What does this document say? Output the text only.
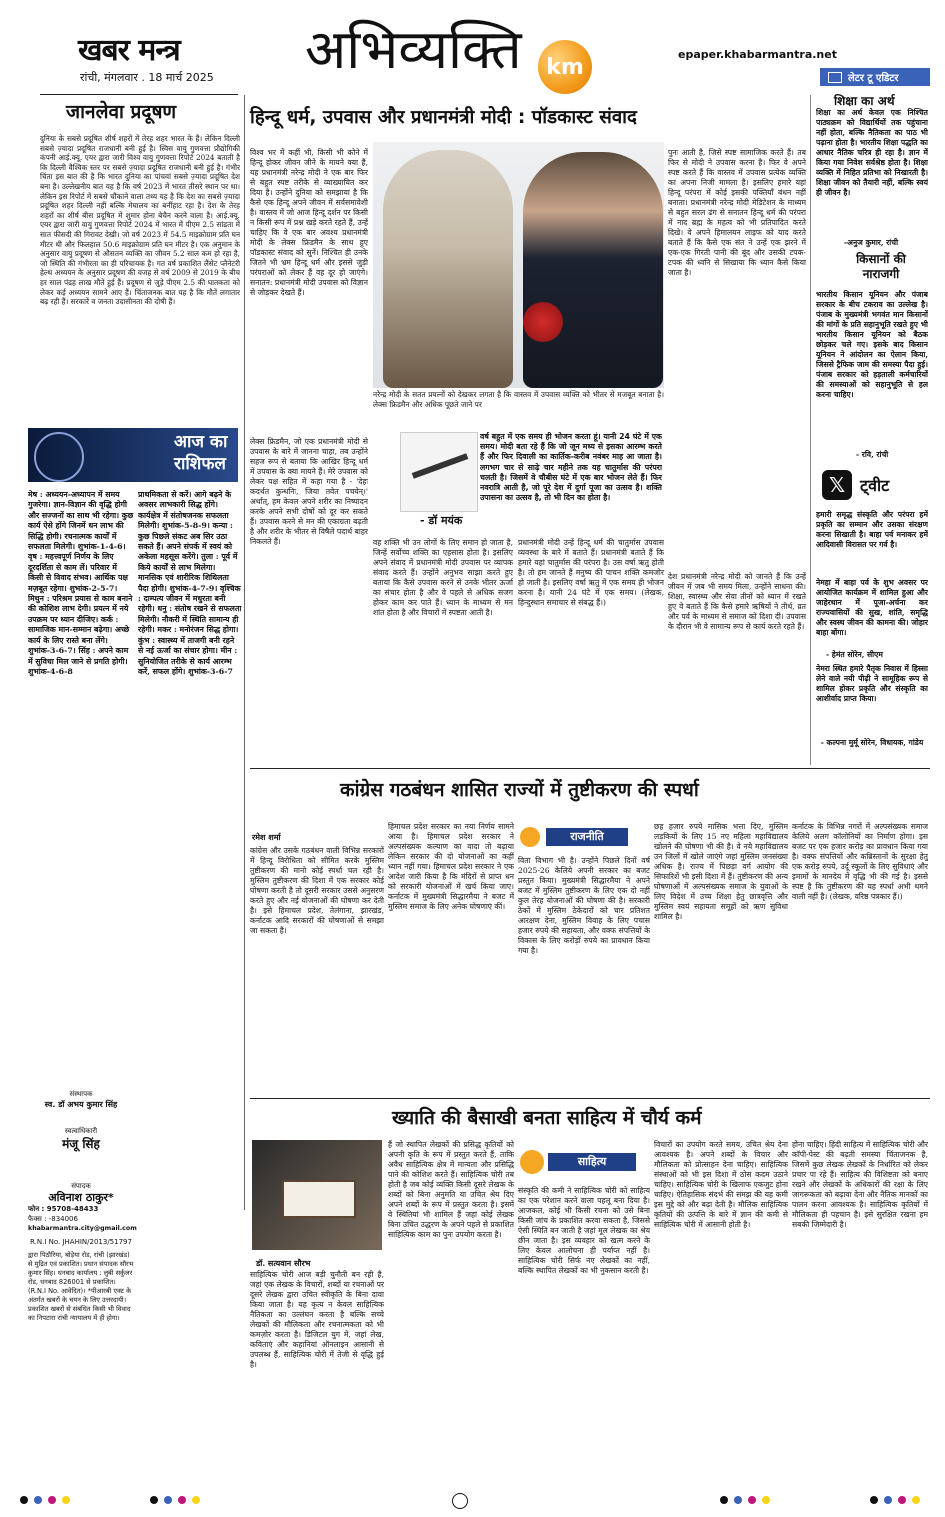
खबर मन्त्र
रांची, मंगलवार . 18 मार्च 2025 अभिव्यक्ति km	epaper.khabarmantra.net
लेटर टू एडिटर
जानलेवा प्रदूषण
दुनिया के सबसे प्रदूषित शीर्ष शहरों में तेरह शहर भारत के हैं। लेकिन दिल्ली सबसे ज़्यादा प्रदूषित राजधानी बनी हुई है। स्विस वायु गुणवत्ता प्रौद्योगिकी कंपनी आई.क्यू. एयर द्वारा जारी विश्व वायु गुणवत्ता रिपोर्ट 2024 बताती है कि दिल्ली वैश्विक स्तर पर सबसे ज़्यादा प्रदूषित राजधानी बनी हुई है। गंभीर चिंता इस बात की है कि भारत दुनिया का पांचवां सबसे ज़्यादा प्रदूषित देश बना है। उल्लेखनीय बात यह है कि वर्ष 2023 में भारत तीसरे स्थान पर था। लेकिन इस रिपोर्ट में सबसे चौंकाने वाला तथ्य यह है कि देश का सबसे ज़्यादा प्रदूषित शहर दिल्ली नहीं बल्कि मेघालय का बर्नीहाट रहा है। देश के तेरह शहरों का शीर्ष बीस प्रदूषित में शुमार होना बेचैन करने वाला है। आई.क्यू. एयर द्वारा जारी वायु गुणवत्ता रिपोर्ट 2024 में भारत में पीएम 2.5 सांद्रता में सात फीसदी की गिरावट देखी। जो वर्ष 2023 में 54.5 माइक्रोग्राम प्रति घन मीटर थी और फिलहाल 50.6 माइक्रोग्राम प्रति घन मीटर है। एक अनुमान के अनुसार वायु प्रदूषण से औसतन व्यक्ति का जीवन 5.2 साल कम हो रहा है, जो स्थिति की गंभीरता का ही परिचायक है। गत वर्ष प्रकाशित लैंसेट प्लैनेटरी हेल्थ अध्ययन के अनुसार प्रदूषण की वजह से वर्ष 2009 से 2019 के बीच हर साल पंद्रह लाख मौतें हुई हैं। प्रदूषण से जुड़े पीएम 2.5 की घातकता को लेकर कई अध्ययन सामने आए हैं। चिंताजनक बात यह है कि मौतें लगातार बढ़ रही हैं। सरकारें व जनता उदासीनता की दोषी हैं।
आज का राशिफल
मेष : अध्ययन-अध्यापन में समय गुजरेगा। ज्ञान-विज्ञान की वृद्धि होगी और सज्जनों का साथ भी रहेगा। कुछ कार्य ऐसे होंगे जिनमें धन लाभ की सिद्धि होगी। रचनात्मक कार्यों में सफलता मिलेगी। शुभांक-1-4-6। वृष : महत्त्वपूर्ण निर्णय के लिए दूरदर्शिता से काम लें। परिवार में किसी से विवाद संभव। आर्थिक पक्ष मज़बूत रहेगा। शुभांक-2-5-7। मिथुन : परिश्रम प्रयास से काम बनाने की कोशिश लाभ देगी। प्रयत्न में नये उपक्रम पर ध्यान दीजिए। कर्क : सामाजिक मान-सम्मान बढ़ेगा। अच्छे कार्य के लिए रास्ते बना लेंगे। शुभांक-3-6-7। सिंह : अपने काम में सुविधा मिल जाने से प्रगति होगी। शुभांक-4-6-8
प्राथमिकता से करें। आगे बढ़ने के अवसर लाभकारी सिद्ध होंगे। कार्यक्षेत्र में संतोषजनक सफलता मिलेगी। शुभांक-5-8-9। कन्या : कुछ पिछले संकट अब सिर उठा सकते हैं। अपने संपर्क में स्वयं को अकेला महसूस करेंगे। तुला : पूर्व में किये कार्यों से लाभ मिलेगा। मानसिक एवं शारीरिक शिथिलता पैदा होगी। शुभांक-4-7-9। वृश्चिक : दाम्पत्य जीवन में मधुरता बनी रहेगी। धनु : संतोष रखने से सफलता मिलेगी। नौकरी में स्थिति सामान्य ही रहेगी। मकर : मनोरंजन सिद्ध होगा। कुंभ : स्वास्थ्य में ताजगी बनी रहने से नई ऊर्जा का संचार होगा। मीन : सुनियोजित तरीके से कार्य आरम्भ करें, सफल होंगे। शुभांक-3-6-7
संस्थापक
स्व. डॉ अभय कुमार सिंह
स्वत्वाधिकारी
मंजू सिंह
संपादक
अविनाश ठाकुर*
फोन : 95708-48433
फैक्स : -834006
khabarmantra.city@gmail.com
R.N.I No. JHAHIN/2013/51797
द्वारा पिठौरिया, बोड़ेया रोड, रांची (झारखंड) से मुद्रित एवं प्रकाशित। प्रधान संपादक सौरभ कुमार सिंह। धनबाद कार्यालय : लुबी सर्कुलर रोड, धनबाद 826001 से प्रकाशित। (R.N.I No. आवेदित)। *पीआरबी एक्ट के अंतर्गत खबरों के चयन के लिए उत्तरदायी। प्रकाशित खबरों से संबंधित किसी भी विवाद का निपटारा रांची न्यायालय में ही होगा।
हिन्दू धर्म, उपवास और प्रधानमंत्री मोदी : पॉडकास्ट संवाद
विश्व भर में कहीं भी, किसी भी कोने में हिन्दू होकर जीवन जीने के मायने क्या हैं, यह प्रधानमंत्री नरेन्द्र मोदी ने एक बार फिर से बहुत स्पष्ट तरीके से व्याख्यायित कर दिया है। उन्होंने दुनिया को समझाया है कि कैसे एक हिन्दू अपने जीवन में सर्वसमावेशी है। वास्तव में जो आज हिन्दू दर्शन पर किसी न किसी रूप में प्रश्न खड़े करते रहते हैं, उन्हें चाहिए कि वे एक बार अवश्य प्रधानमंत्री मोदी के लेक्स फ्रिडमैन के साथ हुए पॉडकास्ट संवाद को सुनें। निश्चित ही उनके जितने भी भ्रम हिन्दू धर्म और इससे जुड़ी परंपराओं को लेकर हैं वह दूर हो जाएंगे। सनातन: प्रधानमंत्री मोदी उपवास को विज्ञान से जोड़कर देखते हैं।
लेक्स फ्रिडमैन, जो एक प्रधानमंत्री मोदी से उपवास के बारे में जानना चाहा, तब उन्होंने सहज रूप से बताया कि आखिर हिन्दू धर्म में उपवास के क्या मायने हैं। मेरे उपवास को लेकर पक्ष सहित में कहा गया है - 'देहः कदर्थत कुन्धनिः, जिया तवेत पचयेन्।' अर्थात्, हम केवल अपने शरीर का निष्पादन करके अपने सभी दोषों को दूर कर सकते हैं। उपवास करने से मन की एकाग्रता बढ़ती है और शरीर के भीतर से विषैले पदार्थ बाहर निकलते हैं।
नरेन्द्र मोदी के सतत प्रयत्नों को देखकर लगता है कि वास्तव में उपवास व्यक्ति को भीतर से मजबूत बनाता है। लेक्स फ्रिडमैन और अधिक पूछते जाने पर
- डॉ मयंक
वर्ष बहुत में एक समय ही भोजन करता हूं। यानी 24 घंटे में एक समय। मोदी बता रहे हैं कि जो जून मध्य से इसका आरम्भ करते हैं और फिर दिवाली का कार्तिक-करीब नवंबर माह आ जाता है। लगभग चार से साढ़े चार महीने तक यह चातुर्मास की परंपरा चलती है। जिसमें वे चौबीस घंटे में एक बार भोजन लेते हैं। फिर नवरात्रि आती है, जो पूरे देश में दुर्गा पूजा का उत्सव है। शक्ति उपासना का उत्सव है, तो भी दिन का होता है।
वह शक्ति भी उन लोगों के लिए समान हो जाता है, जिन्हें सर्वोच्च शक्ति का एहसास होता है। इसलिए अपने संवाद में प्रधानमंत्री मोदी उपवास पर व्यापक संवाद करते हैं। उन्होंने अनुभव साझा करते हुए बताया कि कैसे उपवास करने से उनके भीतर ऊर्जा का संचार होता है और वे पहले से अधिक सजग होकर काम कर पाते हैं। ध्यान के माध्यम से मन शांत होता है और विचारों में स्पष्टता आती है।
प्रधानमंत्री मोदी उन्हें हिन्दू धर्म की चातुर्मास उपवास व्यवस्था के बारे में बताते हैं। प्रधानमंत्री बताते हैं कि हमारे यहां चातुर्मास की परंपरा है। उस वर्षा ऋतु होती है। तो हम जानते हैं मनुष्य की पाचन शक्ति कमजोर हो जाती है। इसलिए वर्षा ऋतु में एक समय ही भोजन करना है। यानी 24 घंटे में एक समय। (लेखक, हिन्दुस्थान समाचार से संबद्ध हैं।)
पुनः आती है, जिसे स्पष्ट सामाजिक करते हैं। तब फिर से मोदी ने उपवास करना है। फिर वे अपने स्पष्ट करते हैं कि वास्तव में उपवास प्रत्येक व्यक्ति का अपना निजी मामला है। इसलिए हमारे यहां हिन्दू परंपरा में कोई इसकी पक्तियाँ बंधन नहीं बनाता। प्रधानमंत्री नरेन्द्र मोदी मेडिटेशन के माध्यम से बहुत सरल ढंग से सनातन हिन्दू धर्म की परंपरा में नाद ब्रह्म के महत्व को भी प्रतिपादित करते दिखे। वे अपने हिमालयन लाइफ को याद करते बताते हैं कि कैसे एक संत ने उन्हें एक झरने में एक-एक गिरती पानी की बूंद और उसकी टपक-टपक की ध्वनि से सिखाया कि ध्यान कैसे किया जाता है।
देश प्रधानमंत्री नरेन्द्र मोदी को जानते हैं कि उन्हें जीवन में जब भी समय मिला, उन्होंने साधना की। शिक्षा, स्वास्थ्य और सेवा तीनों को ध्यान में रखते हुए वे बताते हैं कि कैसे हमारे ऋषियों ने तीर्थ, व्रत और पर्व के माध्यम से समाज को दिशा दी। उपवास के दौरान भी वे सामान्य रूप से कार्य करते रहते हैं।
शिक्षा का अर्थ
शिक्षा का अर्थ केवल एक निश्चित पाठ्यक्रम को विद्यार्थियों तक पहुंचाना नहीं होता, बल्कि नैतिकता का पाठ भी पढ़ाना होता है। भारतीय शिक्षा पद्धति का आधार नैतिक चरित्र ही रहा है। ज्ञान में किया गया निवेश सर्वश्रेष्ठ होता है। शिक्षा व्यक्ति में निहित प्रतिभा को निखारती है। शिक्षा जीवन को तैयारी नहीं, बल्कि स्वयं ही जीवन है।
-अनुज कुमार, रांची
किसानों की नाराजगी
भारतीय किसान यूनियन और पंजाब सरकार के बीच टकराव का उल्लेख है। पंजाब के मुख्यमंत्री भगवंत मान किसानों की मांगों के प्रति सहानुभूति रखते हुए भी भारतीय किसान यूनियन को बैठक छोड़कर चले गए। इसके बाद किसान यूनियन ने आंदोलन का ऐलान किया, जिससे ट्रैफिक जाम की समस्या पैदा हुई। पंजाब सरकार को हड़ताली कर्मचारियों की समस्याओं को सहानुभूति से हल करना चाहिए।
- रवि, रांची
𝕏 ट्वीट
हमारी समृद्ध संस्कृति और परंपरा हमें प्रकृति का सम्मान और उसका संरक्षण करना सिखाती है। बाहा पर्व मनाकर हमें आदिवासी विरासत पर गर्व है।
नेमहा में बाहा पर्व के शुभ अवसर पर आयोजित कार्यक्रम में शामिल हुआ और जाहेरथान में पूजा-अर्चना कर राज्यवासियों की सुख, शांति, समृद्धि और स्वस्थ जीवन की कामना की। जोहार बाहा बोंगा।
- हेमंत सोरेन, सीएम
नेमरा स्थित हमारे पैतृक निवास में हिस्सा लेने वाले नयी पीढ़ी ने सामूहिक रूप से शामिल होकर प्रकृति और संस्कृति का आशीर्वाद प्राप्त किया।
- कल्पना मुर्मू सोरेन, विधायक, गांडेय
कांग्रेस गठबंधन शासित राज्यों में तुष्टीकरण की स्पर्धा
रमेश शर्मा	राजनीति
कांग्रेस और उसके गठबंधन वाली विभिन्न सरकारों में हिन्दू विरोधिता को सीमित करके मुस्लिम तुष्टीकरण की मानो कोई स्पर्धा चल रही है। मुस्लिम तुष्टीकरण की दिशा में एक सरकार कोई घोषणा करती है तो दूसरी सरकार उससे अनुसरण करते हुए और नई योजनाओं की घोषणा कर देती है। इसे हिमाचल प्रदेश, तेलंगाना, झारखंड, कर्नाटक आदि सरकारों की घोषणाओं से समझा जा सकता है।
हिमाचल प्रदेश सरकार का नया निर्णय सामने आया है। हिमाचल प्रदेश सरकार ने अल्पसंख्यक कल्याण का वादा तो बढ़ाया लेकिन सरकार की दो योजनाओं का कहीं ध्यान नहीं गया। हिमाचल प्रदेश सरकार ने एक आदेश जारी किया है कि मंदिरों से प्राप्त धन को सरकारी योजनाओं में खर्च किया जाए। कर्नाटक में मुख्यमंत्री सिद्धारमैया ने बजट में मुस्लिम समाज के लिए अनेक घोषणाएं कीं।
विता विभाग भी है। उन्होंने पिछले दिनों वर्ष 2025-26 केलिये अपनी सरकार का बजट प्रस्तुत किया। मुख्यमंत्री सिद्धारमैया ने अपने बजट में मुस्लिम तुष्टीकरण के लिए एक दो नहीं कुल तेरह योजनाओं की घोषणा की है। सरकारी ठेकों में मुस्लिम ठेकेदारों को चार प्रतिशत आरक्षण देना, मुस्लिम विवाह के लिए पचास हजार रुपये की सहायता, और वक्फ संपत्तियों के विकास के लिए करोड़ों रुपये का प्रावधान किया गया है।
छह हजार रुपये मासिक भत्ता दिए, मुस्लिम लड़कियों के लिए 15 नए महिला महाविद्यालय खोलने की घोषणा भी की है। वे नये महाविद्यालय उन जिलों में खोले जाएंगे जहां मुस्लिम जनसंख्या अधिक है। राज्य में पिछड़ा वर्ग आयोग की सिफारिशें भी इसी दिशा में हैं। तुष्टीकरण की अन्य घोषणाओं में अल्पसंख्यक समाज के युवाओं के लिए विदेश में उच्च शिक्षा हेतु छात्रवृत्ति और मुस्लिम स्वयं सहायता समूहों को ऋण सुविधा शामिल है।
कर्नाटक के विभिन्न नगरों में अल्पसंख्यक समाज केलिये अलग कॉलोनियों का निर्माण होगा। इस बजट पर एक हजार करोड़ का प्रावधान किया गया है। वक्फ संपत्तियों और कब्रिस्तानों के सुरक्षा हेतु एक करोड़ रुपये, उर्दू स्कूलों के लिए सुविधाएं और इमामों के मानदेय में वृद्धि भी की गई है। इससे स्पष्ट है कि तुष्टीकरण की यह स्पर्धा अभी थमने वाली नहीं है। (लेखक, वरिष्ठ पत्रकार हैं।)
ख्याति की बैसाखी बनता साहित्य में चौर्य कर्म
डॉ. सत्यवान सौरभ
साहित्यिक चोरी आज बड़ी चुनौती बन रही है, जहां एक लेखक के विचारों, शब्दों या रचनाओं पर दूसरे लेखक द्वारा उचित स्वीकृति के बिना दावा किया जाता है। यह कृत्य न केवल साहित्यिक नैतिकता का उल्लंघन करता है बल्कि सच्चे लेखकों की मौलिकता और रचनात्मकता को भी कमज़ोर करता है। डिजिटल युग में, जहां लेख, कविताएं और कहानियां ऑनलाइन आसानी से उपलब्ध हैं, साहित्यिक चोरी में तेजी से वृद्धि हुई है।
हैं जो स्थापित लेखकों की प्रसिद्ध कृतियों को अपनी कृति के रूप में प्रस्तुत करते हैं, ताकि अवैध साहित्यिक क्षेत्र में मान्यता और प्रसिद्धि पाने की कोशिश करते हैं। साहित्यिक चोरी तब होती है जब कोई व्यक्ति किसी दूसरे लेखक के शब्दों को बिना अनुमति या उचित श्रेय दिए अपने शब्दों के रूप में प्रस्तुत करता है। इसमें वे स्थितियां भी शामिल हैं जहां कोई लेखक बिना उचित उद्धरण के अपने पहले से प्रकाशित साहित्यिक काम का पुनः उपयोग करता है।
साहित्य
संस्कृति की कमी ने साहित्यिक चोरी को साहित्य का एक परेशान करने वाला पहलू बना दिया है। आजकल, कोई भी किसी रचना को उसे बिना किसी जांच के प्रकाशित करवा सकता है, जिससे ऐसी स्थिति बन जाती है जहां मूल लेखक का श्रेय छीन जाता है। इस व्यवहार को खत्म करने के लिए केवल आलोचना ही पर्याप्त नहीं है। साहित्यिक चोरी सिर्फ नए लेखकों का नहीं, बल्कि स्थापित लेखकों का भी नुकसान करती है।
विचारों का उपयोग करते समय, उचित श्रेय देना आवश्यक है। अपने शब्दों के विचार और मौलिकता को प्रोत्साहन देना चाहिए। साहित्यिक संस्थाओं को भी इस दिशा में ठोस कदम उठाने चाहिए। साहित्यिक चोरी के खिलाफ एकजुट होना चाहिए। ऐतिहासिक संदर्भ की समझ की यह कमी इस मुद्दे को और बढ़ा देती है। मौलिक साहित्यिक कृतियों की उत्पत्ति के बारे में ज्ञान की कमी से साहित्यिक चोरी में आसानी होती है।
होना चाहिए। हिंदी साहित्य में साहित्यिक चोरी और कॉपी-पेस्ट की बढ़ती समस्या चिंताजनक है, जिसमें कुछ लेखक लेखकों के निर्धारित को लेकर प्रचार पा रहे हैं। साहित्य की विशिष्टता को बनाए रखने और लेखकों के अधिकारों की रक्षा के लिए जागरूकता को बढ़ावा देना और नैतिक मानकों का पालन करना आवश्यक है। साहित्यिक कृतियों में मौलिकता ही पहचान है। इसे सुरक्षित रखना हम सबकी जिम्मेदारी है।
